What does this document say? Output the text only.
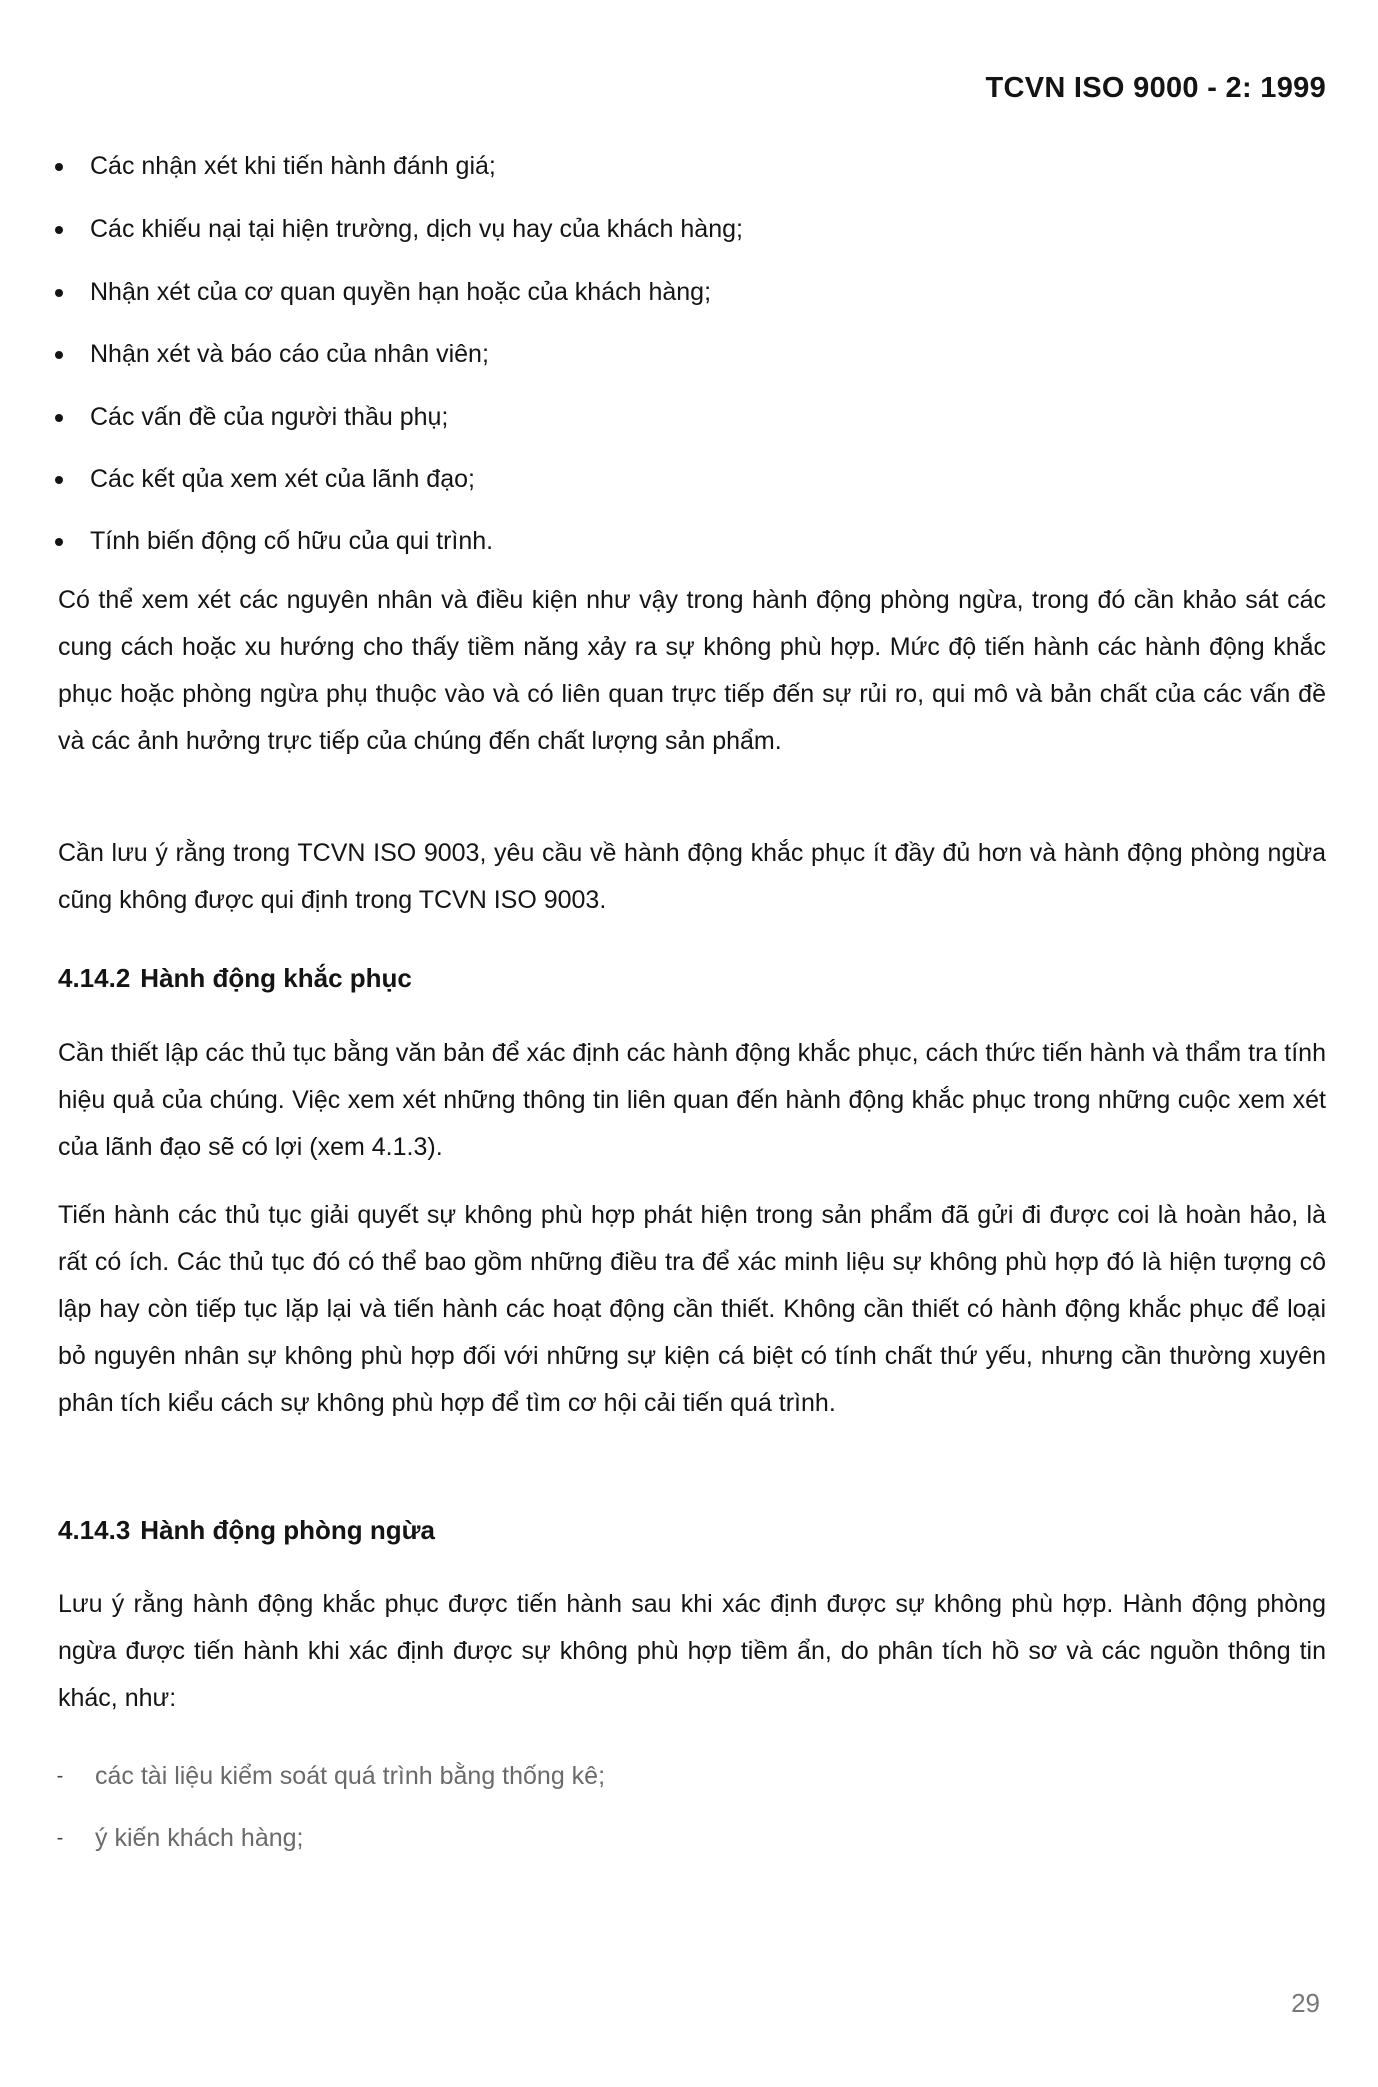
TCVN ISO 9000 - 2: 1999
Các nhận xét khi tiến hành đánh giá;
Các khiếu nại tại hiện trường, dịch vụ hay của khách hàng;
Nhận xét của cơ quan quyền hạn hoặc của khách hàng;
Nhận xét và báo cáo của nhân viên;
Các vấn đề của người thầu phụ;
Các kết qủa xem xét của lãnh đạo;
Tính biến động cố hữu của qui trình.
Có thể xem xét các nguyên nhân và điều kiện như vậy trong hành động phòng ngừa, trong đó cần khảo sát các cung cách hoặc xu hướng cho thấy tiềm năng xảy ra sự không phù hợp. Mức độ tiến hành các hành động khắc phục hoặc phòng ngừa phụ thuộc vào và có liên quan trực tiếp đến sự rủi ro, qui mô và bản chất của các vấn đề và các ảnh hưởng trực tiếp của chúng đến chất lượng sản phẩm.
Cần lưu ý rằng trong TCVN ISO 9003, yêu cầu về hành động khắc phục ít đầy đủ hơn và hành động phòng ngừa cũng không được qui định trong TCVN ISO 9003.
4.14.2 Hành động khắc phục
Cần thiết lập các thủ tục bằng văn bản để xác định các hành động khắc phục, cách thức tiến hành và thẩm tra tính hiệu quả của chúng. Việc xem xét những thông tin liên quan đến hành động khắc phục trong những cuộc xem xét của lãnh đạo sẽ có lợi (xem 4.1.3).
Tiến hành các thủ tục giải quyết sự không phù hợp phát hiện trong sản phẩm đã gửi đi được coi là hoàn hảo, là rất có ích. Các thủ tục đó có thể bao gồm những điều tra để xác minh liệu sự không phù hợp đó là hiện tượng cô lập hay còn tiếp tục lặp lại và tiến hành các hoạt động cần thiết. Không cần thiết có hành động khắc phục để loại bỏ nguyên nhân sự không phù hợp đối với những sự kiện cá biệt có tính chất thứ yếu, nhưng cần thường xuyên phân tích kiểu cách sự không phù hợp để tìm cơ hội cải tiến quá trình.
4.14.3 Hành động phòng ngừa
Lưu ý rằng hành động khắc phục được tiến hành sau khi xác định được sự không phù hợp. Hành động phòng ngừa được tiến hành khi xác định được sự không phù hợp tiềm ẩn, do phân tích hồ sơ và các nguồn thông tin khác, như:
- các tài liệu kiểm soát quá trình bằng thống kê;
- ý kiến khách hàng;
29
